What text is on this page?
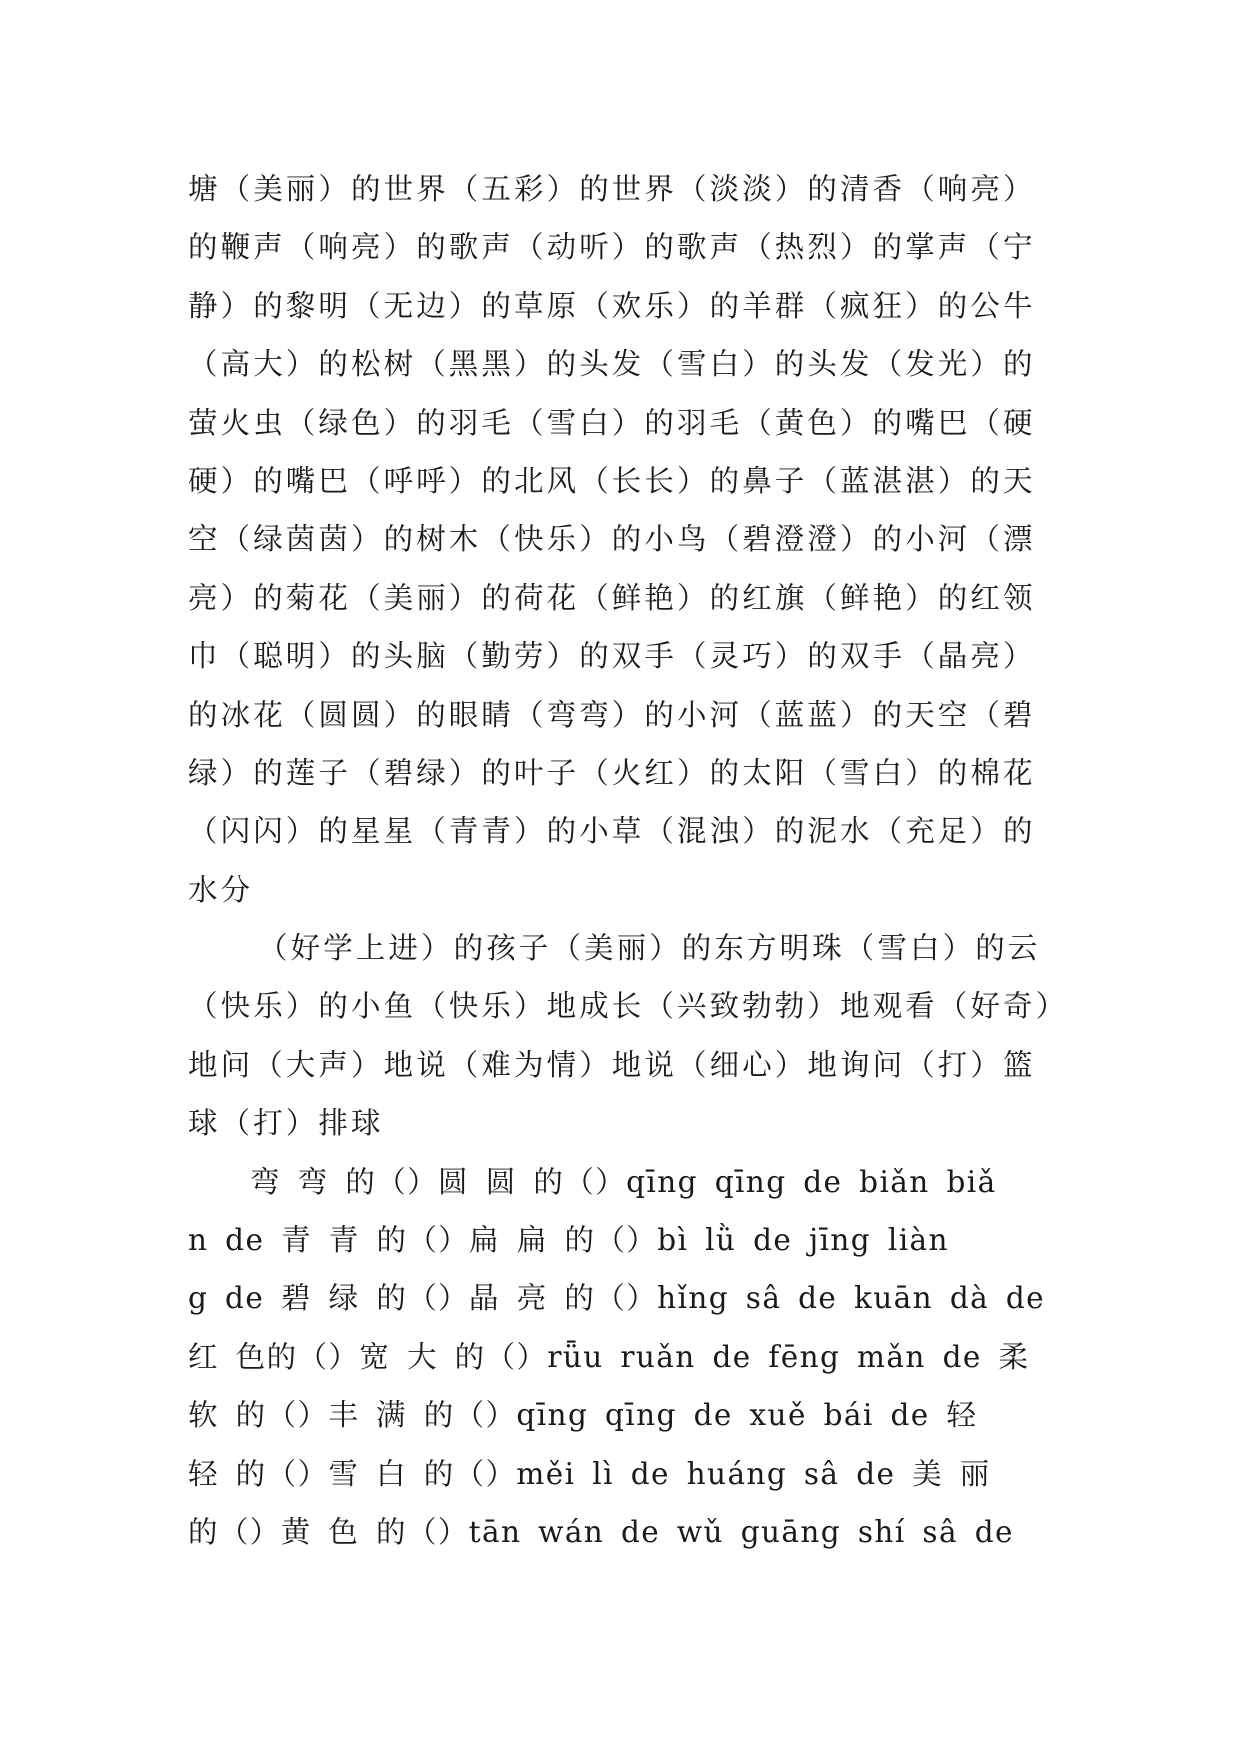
塘（美丽）的世界（五彩）的世界（淡淡）的清香（响亮）
的鞭声（响亮）的歌声（动听）的歌声（热烈）的掌声（宁
静）的黎明（无边）的草原（欢乐）的羊群（疯狂）的公牛
（高大）的松树（黑黑）的头发（雪白）的头发（发光）的
萤火虫（绿色）的羽毛（雪白）的羽毛（黄色）的嘴巴（硬
硬）的嘴巴（呼呼）的北风（长长）的鼻子（蓝湛湛）的天
空（绿茵茵）的树木（快乐）的小鸟（碧澄澄）的小河（漂
亮）的菊花（美丽）的荷花（鲜艳）的红旗（鲜艳）的红领
巾（聪明）的头脑（勤劳）的双手（灵巧）的双手（晶亮）
的冰花（圆圆）的眼睛（弯弯）的小河（蓝蓝）的天空（碧
绿）的莲子（碧绿）的叶子（火红）的太阳（雪白）的棉花
（闪闪）的星星（青青）的小草（混浊）的泥水（充足）的
水分
（好学上进）的孩子（美丽）的东方明珠（雪白）的云
（快乐）的小鱼（快乐）地成长（兴致勃勃）地观看（好奇）
地问（大声）地说（难为情）地说（细心）地询问（打）篮
球（打）排球
弯 弯 的（）圆 圆 的（）qīng qīng de biǎn biǎ
n de 青 青 的（）扁 扁 的（）bì lǜ de jīng liàn
g de 碧 绿 的（）晶 亮 的（）hǐng sâ de kuān dà de
红 色的（）宽 大 的（）rǖu ruǎn de fēng mǎn de 柔
软 的（）丰 满 的（）qīng qīng de xuě bái de 轻
轻 的（）雪 白 的（）měi lì de huáng sâ de 美 丽
的（）黄 色 的（）tān wán de wǔ guāng shí sâ de
